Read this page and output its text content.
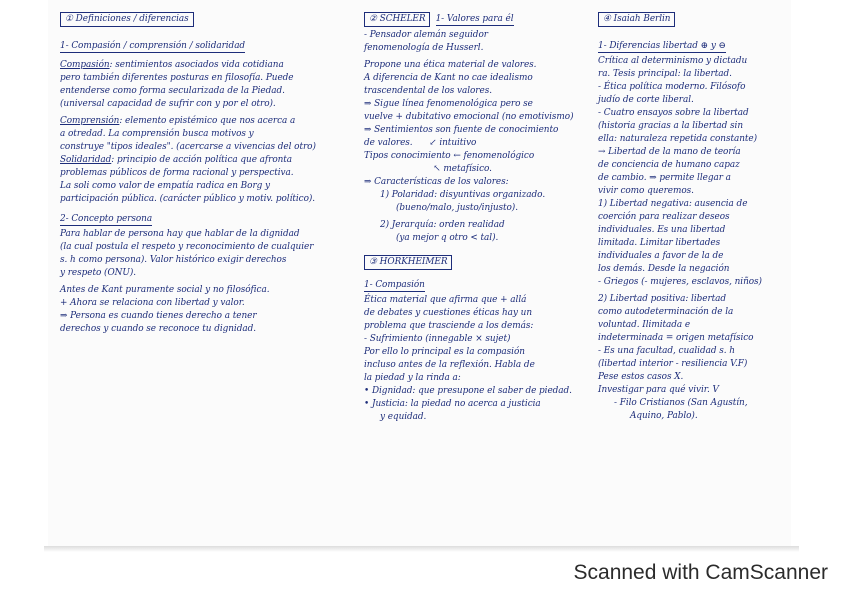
① Definiciones / diferencias
1- Compasión / comprensión / solidaridad
Compasión: sentimientos asociados vida cotidiana
pero también diferentes posturas en filosofía. Puede
entenderse como forma secularizada de la Piedad.
(universal capacidad de sufrir con y por el otro).
Comprensión: elemento epistémico que nos acerca a
a otredad. La comprensión busca motivos y
construye "tipos ideales". (acercarse a vivencias del otro)
Solidaridad: principio de acción política que afronta
problemas públicos de forma racional y perspectiva.
La soli como valor de empatía radica en Borg y
participación pública. (carácter público y motiv. político).
2- Concepto persona
Para hablar de persona hay que hablar de la dignidad
(la cual postula el respeto y reconocimiento de cualquier
s. h como persona). Valor histórico exigir derechos
y respeto (ONU).
Antes de Kant puramente social y no filosófica.
+ Ahora se relaciona con libertad y valor.
⇒ Persona es cuando tienes derecho a tener
derechos y cuando se reconoce tu dignidad.
② SCHELER 1- Valores para él
- Pensador alemán seguidor
fenomenología de Husserl.
Propone una ética material de valores.
A diferencia de Kant no cae idealismo
trascendental de los valores.
⇒ Sigue línea fenomenológica pero se
vuelve + dubitativo emocional (no emotivismo)
⇒ Sentimientos son fuente de conocimiento
de valores.      ↙ intuitivo
Tipos conocimiento ← fenomenológico
↖ metafísico.
⇒ Características de los valores:
1) Polaridad: disyuntivas organizado.
(bueno/malo, justo/injusto).
2) Jerarquía: orden realidad
(ya mejor q otro < tal).
③ HORKHEIMER
1- Compasión
Ética material que afirma que + allá
de debates y cuestiones éticas hay un
problema que trasciende a los demás:
- Sufrimiento (innegable × sujet)
Por ello lo principal es la compasión
incluso antes de la reflexión. Habla de
la piedad y la rinda a:
• Dignidad: que presupone el saber de piedad.
• Justicia: la piedad no acerca a justicia
y equidad.
④ Isaiah Berlin
1- Diferencias libertad ⊕ y ⊖
Crítica al determinismo y dictadu
ra. Tesis principal: la libertad.
- Ética política moderno. Filósofo
judío de corte liberal.
- Cuatro ensayos sobre la libertad
(historia gracias a la libertad sin
ella: naturaleza repetida constante)
→ Libertad de la mano de teoría
de conciencia de humano capaz
de cambio. ⇒ permite llegar a
vivir como queremos.
1) Libertad negativa: ausencia de
coerción para realizar deseos
individuales. Es una libertad
limitada. Limitar libertades
individuales a favor de la de
los demás. Desde la negación
- Griegos (- mujeres, esclavos, niños)
2) Libertad positiva: libertad
como autodeterminación de la
voluntad. Ilimitada e
indeterminada = origen metafísico
- Es una facultad, cualidad s. h
(libertad interior - resiliencia V.F)
Pese estos casos X.
Investigar para qué vivir. V
- Filo Cristianos (San Agustín,
Aquino, Pablo).
Scanned with CamScanner
